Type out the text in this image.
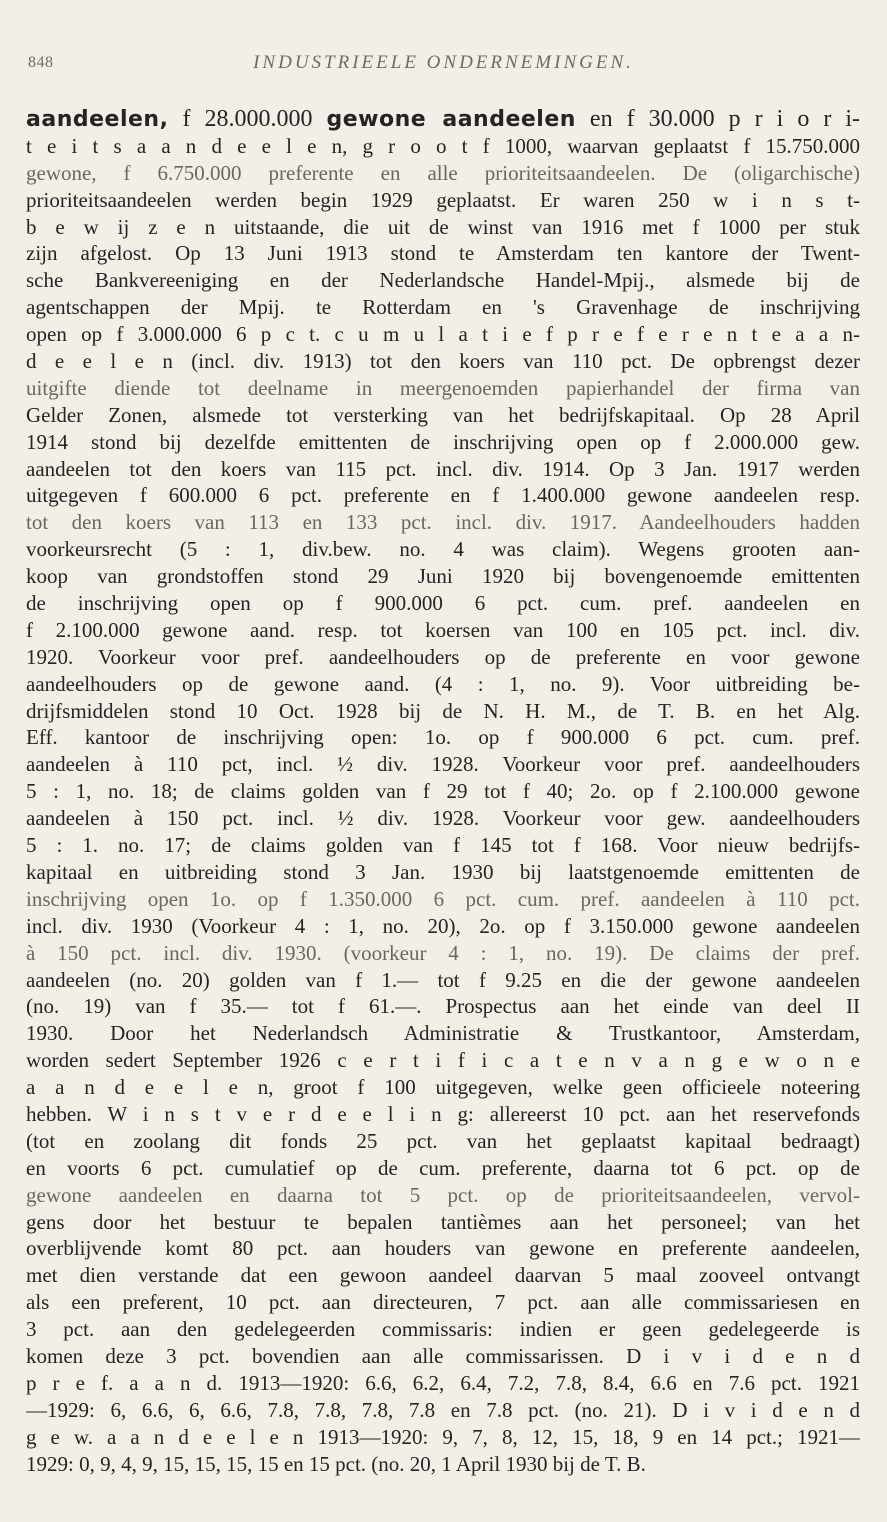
848	INDUSTRIEELE ONDERNEMINGEN.
aandeelen, f 28.000.000 gewone aandeelen en f 30.000 p r i o r i-
t e i t s a a n d e e l e n, g r o o t f 1000, waarvan geplaatst f 15.750.000
gewone, f 6.750.000 preferente en alle prioriteitsaandeelen. De (oligarchische)
prioriteitsaandeelen werden begin 1929 geplaatst. Er waren 250 w i n s t-
b e w ij z e n uitstaande, die uit de winst van 1916 met f 1000 per stuk
zijn afgelost. Op 13 Juni 1913 stond te Amsterdam ten kantore der Twent-
sche Bankvereeniging en der Nederlandsche Handel-Mpij., alsmede bij de
agentschappen der Mpij. te Rotterdam en 's Gravenhage de inschrijving
open op f 3.000.000 6 p c t. c u m u l a t i e f p r e f e r e n t e a a n-
d e e l e n (incl. div. 1913) tot den koers van 110 pct. De opbrengst dezer
uitgifte diende tot deelname in meergenoemden papierhandel der firma van
Gelder Zonen, alsmede tot versterking van het bedrijfskapitaal. Op 28 April
1914 stond bij dezelfde emittenten de inschrijving open op f 2.000.000 gew.
aandeelen tot den koers van 115 pct. incl. div. 1914. Op 3 Jan. 1917 werden
uitgegeven f 600.000 6 pct. preferente en f 1.400.000 gewone aandeelen resp.
tot den koers van 113 en 133 pct. incl. div. 1917. Aandeelhouders hadden
voorkeursrecht (5 : 1, div.bew. no. 4 was claim). Wegens grooten aan-
koop van grondstoffen stond 29 Juni 1920 bij bovengenoemde emittenten
de inschrijving open op f 900.000 6 pct. cum. pref. aandeelen en
f 2.100.000 gewone aand. resp. tot koersen van 100 en 105 pct. incl. div.
1920. Voorkeur voor pref. aandeelhouders op de preferente en voor gewone
aandeelhouders op de gewone aand. (4 : 1, no. 9). Voor uitbreiding be-
drijfsmiddelen stond 10 Oct. 1928 bij de N. H. M., de T. B. en het Alg.
Eff. kantoor de inschrijving open: 1o. op f 900.000 6 pct. cum. pref.
aandeelen à 110 pct, incl. ½ div. 1928. Voorkeur voor pref. aandeelhouders
5 : 1, no. 18; de claims golden van f 29 tot f 40; 2o. op f 2.100.000 gewone
aandeelen à 150 pct. incl. ½ div. 1928. Voorkeur voor gew. aandeelhouders
5 : 1. no. 17; de claims golden van f 145 tot f 168. Voor nieuw bedrijfs-
kapitaal en uitbreiding stond 3 Jan. 1930 bij laatstgenoemde emittenten de
inschrijving open 1o. op f 1.350.000 6 pct. cum. pref. aandeelen à 110 pct.
incl. div. 1930 (Voorkeur 4 : 1, no. 20), 2o. op f 3.150.000 gewone aandeelen
à 150 pct. incl. div. 1930. (voorkeur 4 : 1, no. 19). De claims der pref.
aandeelen (no. 20) golden van f 1.— tot f 9.25 en die der gewone aandeelen
(no. 19) van f 35.— tot f 61.—. Prospectus aan het einde van deel II
1930. Door het Nederlandsch Administratie & Trustkantoor, Amsterdam,
worden sedert September 1926 c e r t i f i c a t e n v a n g e w o n e
a a n d e e l e n, groot f 100 uitgegeven, welke geen officieele noteering
hebben. W i n s t v e r d e e l i n g: allereerst 10 pct. aan het reservefonds
(tot en zoolang dit fonds 25 pct. van het geplaatst kapitaal bedraagt)
en voorts 6 pct. cumulatief op de cum. preferente, daarna tot 6 pct. op de
gewone aandeelen en daarna tot 5 pct. op de prioriteitsaandeelen, vervol-
gens door het bestuur te bepalen tantièmes aan het personeel; van het
overblijvende komt 80 pct. aan houders van gewone en preferente aandeelen,
met dien verstande dat een gewoon aandeel daarvan 5 maal zooveel ontvangt
als een preferent, 10 pct. aan directeuren, 7 pct. aan alle commissariesen en
3 pct. aan den gedelegeerden commissaris: indien er geen gedelegeerde is
komen deze 3 pct. bovendien aan alle commissarissen. D i v i d e n d
p r e f. a a n d. 1913—1920: 6.6, 6.2, 6.4, 7.2, 7.8, 8.4, 6.6 en 7.6 pct. 1921
—1929: 6, 6.6, 6, 6.6, 7.8, 7.8, 7.8, 7.8 en 7.8 pct. (no. 21). D i v i d e n d
g e w. a a n d e e l e n 1913—1920: 9, 7, 8, 12, 15, 18, 9 en 14 pct.; 1921—
1929: 0, 9, 4, 9, 15, 15, 15, 15 en 15 pct. (no. 20, 1 April 1930 bij de T. B.
